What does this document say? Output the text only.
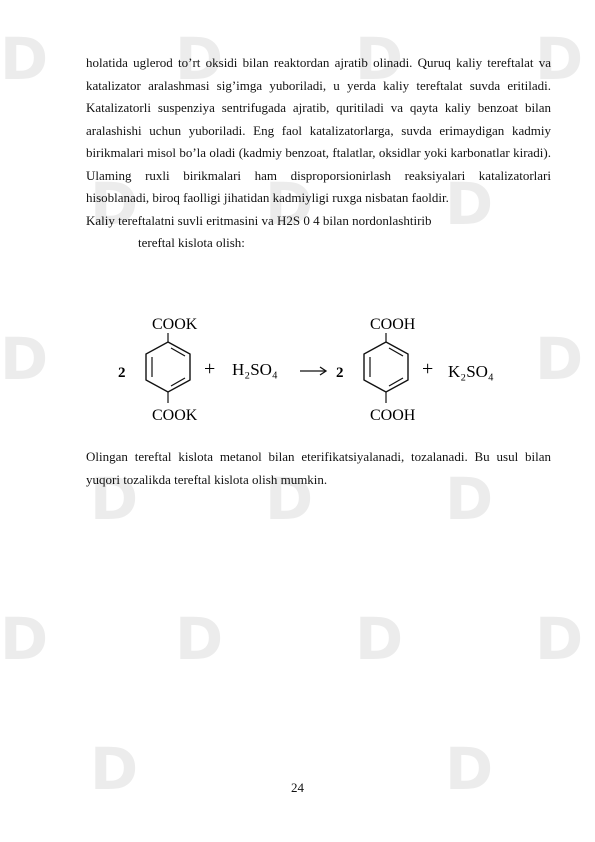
D D D D
D D D
D	D
D D D
D D D D
D	D

holatida uglerod to’rt oksidi bilan reaktordan ajratib olinadi. Quruq kaliy tereftalat va katalizator aralashmasi sig’imga yuboriladi, u yerda kaliy tereftalat suvda eritiladi. Katalizatorli suspenziya sentrifugada ajratib, quritiladi va qayta kaliy benzoat bilan aralashishi uchun yuboriladi. Eng faol katalizatorlarga, suvda erimaydigan kadmiy birikmalari misol bo’la oladi (kadmiy benzoat, ftalatlar, oksidlar yoki karbonatlar kiradi). Ulaming ruxli birikmalari ham disproporsionirlash reaksiyalari katalizatorlari hisoblanadi, biroq faolligi jihatidan kadmiyligi ruxga nisbatan faoldir.

Kaliy tereftalatni suvli eritmasini va H2S 0 4 bilan nordonlashtirib

tereftal kislota olish:

2
COOK
COOK
+ H₂SO₄	2
COOH
COOH
+ K₂SO₄

Olingan tereftal kislota metanol bilan eterifikatsiyalanadi, tozalanadi. Bu usul bilan yuqori tozalikda tereftal kislota olish mumkin.

24
